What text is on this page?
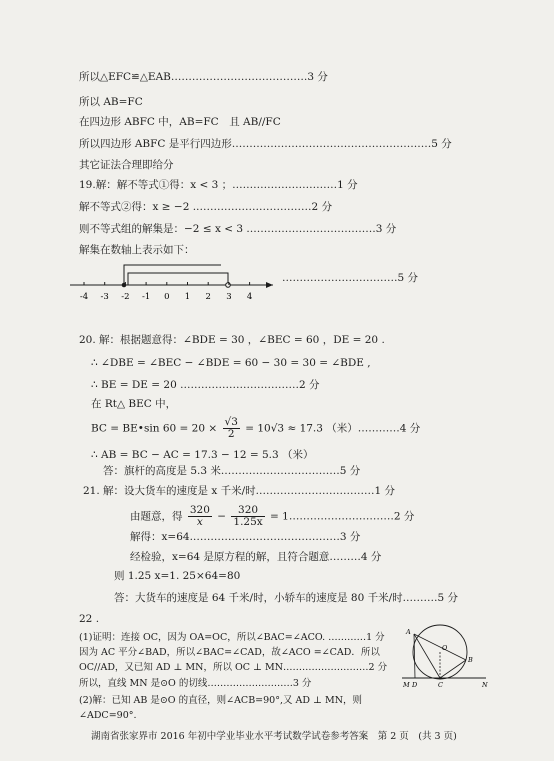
所以△EFC≌△EAB…………………………………3 分
所以 AB=FC
在四边形 ABFC 中，AB=FC　且 AB//FC
所以四边形 ABFC 是平行四边形…………………………………………………5 分
其它证法合理即给分
19.解：解不等式①得：x < 3 ；…………………………1 分
解不等式②得：x ≥ −2 .……………………………2 分
则不等式组的解集是：−2 ≤ x < 3 .………………………………3 分
解集在数轴上表示如下：
-4 -3 -2 -1 0 1 2 3 4
……………………………5 分
20. 解：根据题意得：∠BDE = 30 ，∠BEC = 60 ，DE = 20 .
∴ ∠DBE = ∠BEC − ∠BDE = 60 − 30 = 30 = ∠BDE ,
∴ BE = DE = 20 .……………………………2 分
在 Rt△ BEC 中，
BC = BE•sin $60 = 20 \times \frac{√3}{2} = 10√3 \approx 17.3$ （米）…………4 分
∴ AB = BC − AC = 17.3 − 12 = 5.3 （米）
答：旗杆的高度是 5.3 米.……………………………5 分
21. 解：设大货车的速度是 x 千米/时.……………………………1 分
由题意，得 $\frac{320}{x} - \frac{320}{1.25x}$ = 1…………………………2 分
解得：x=64.……………………………………3 分
经检验，x=64 是原方程的解，且符合题意………4 分
则 1.25 x=1. 25×64=80
答：大货车的速度是 64 千米/时，小轿车的速度是 80 千米/时.………5 分
22 .
(1)证明：连接 OC，因为 OA=OC，所以∠BAC=∠ACO. …………1 分
因为 AC 平分∠BAD，所以∠BAC=∠CAD，故∠ACO =∠CAD．所以
OC//AD，又已知 AD ⊥ MN，所以 OC ⊥ MN………………………2 分
所以，直线 MN 是⊙O 的切线………………………3 分
(2)解：已知 AB 是⊙O 的直径，则∠ACB=90°,又 AD ⊥ MN，则
∠ADC=90°.
A
B
C
D
M	N
O
湖南省张家界市 2016 年初中学业毕业水平考试数学试卷参考答案　第 2 页　(共 3 页)
